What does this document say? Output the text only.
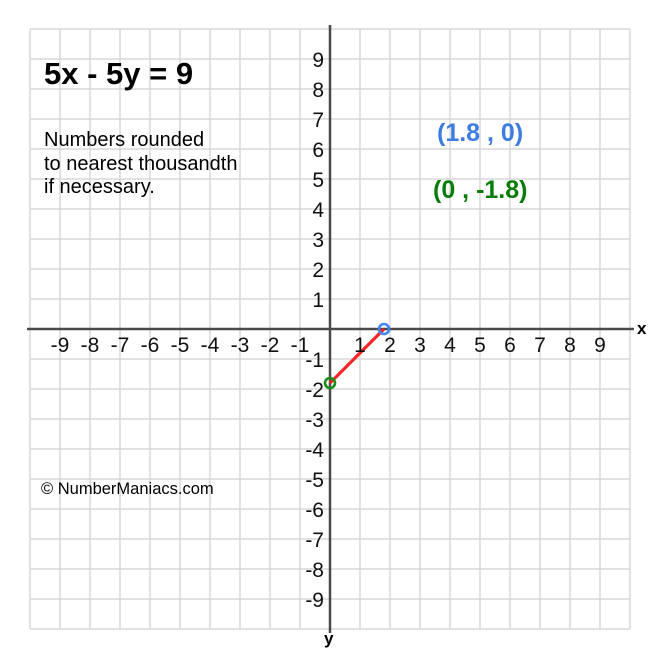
5x - 5y = 9
Numbers rounded
to nearest thousandth
if necessary.
(1.8 , 0)
(0 , -1.8)
© NumberManiacs.com
x
y
-9 -8 -7 -6 -5 -4 -3 -2 -1	1 2 3 4 5 6 7 8 9
9
8
7
6
5
4
3
2
1
-1
-2
-3
-4
-5
-6
-7
-8
-9
